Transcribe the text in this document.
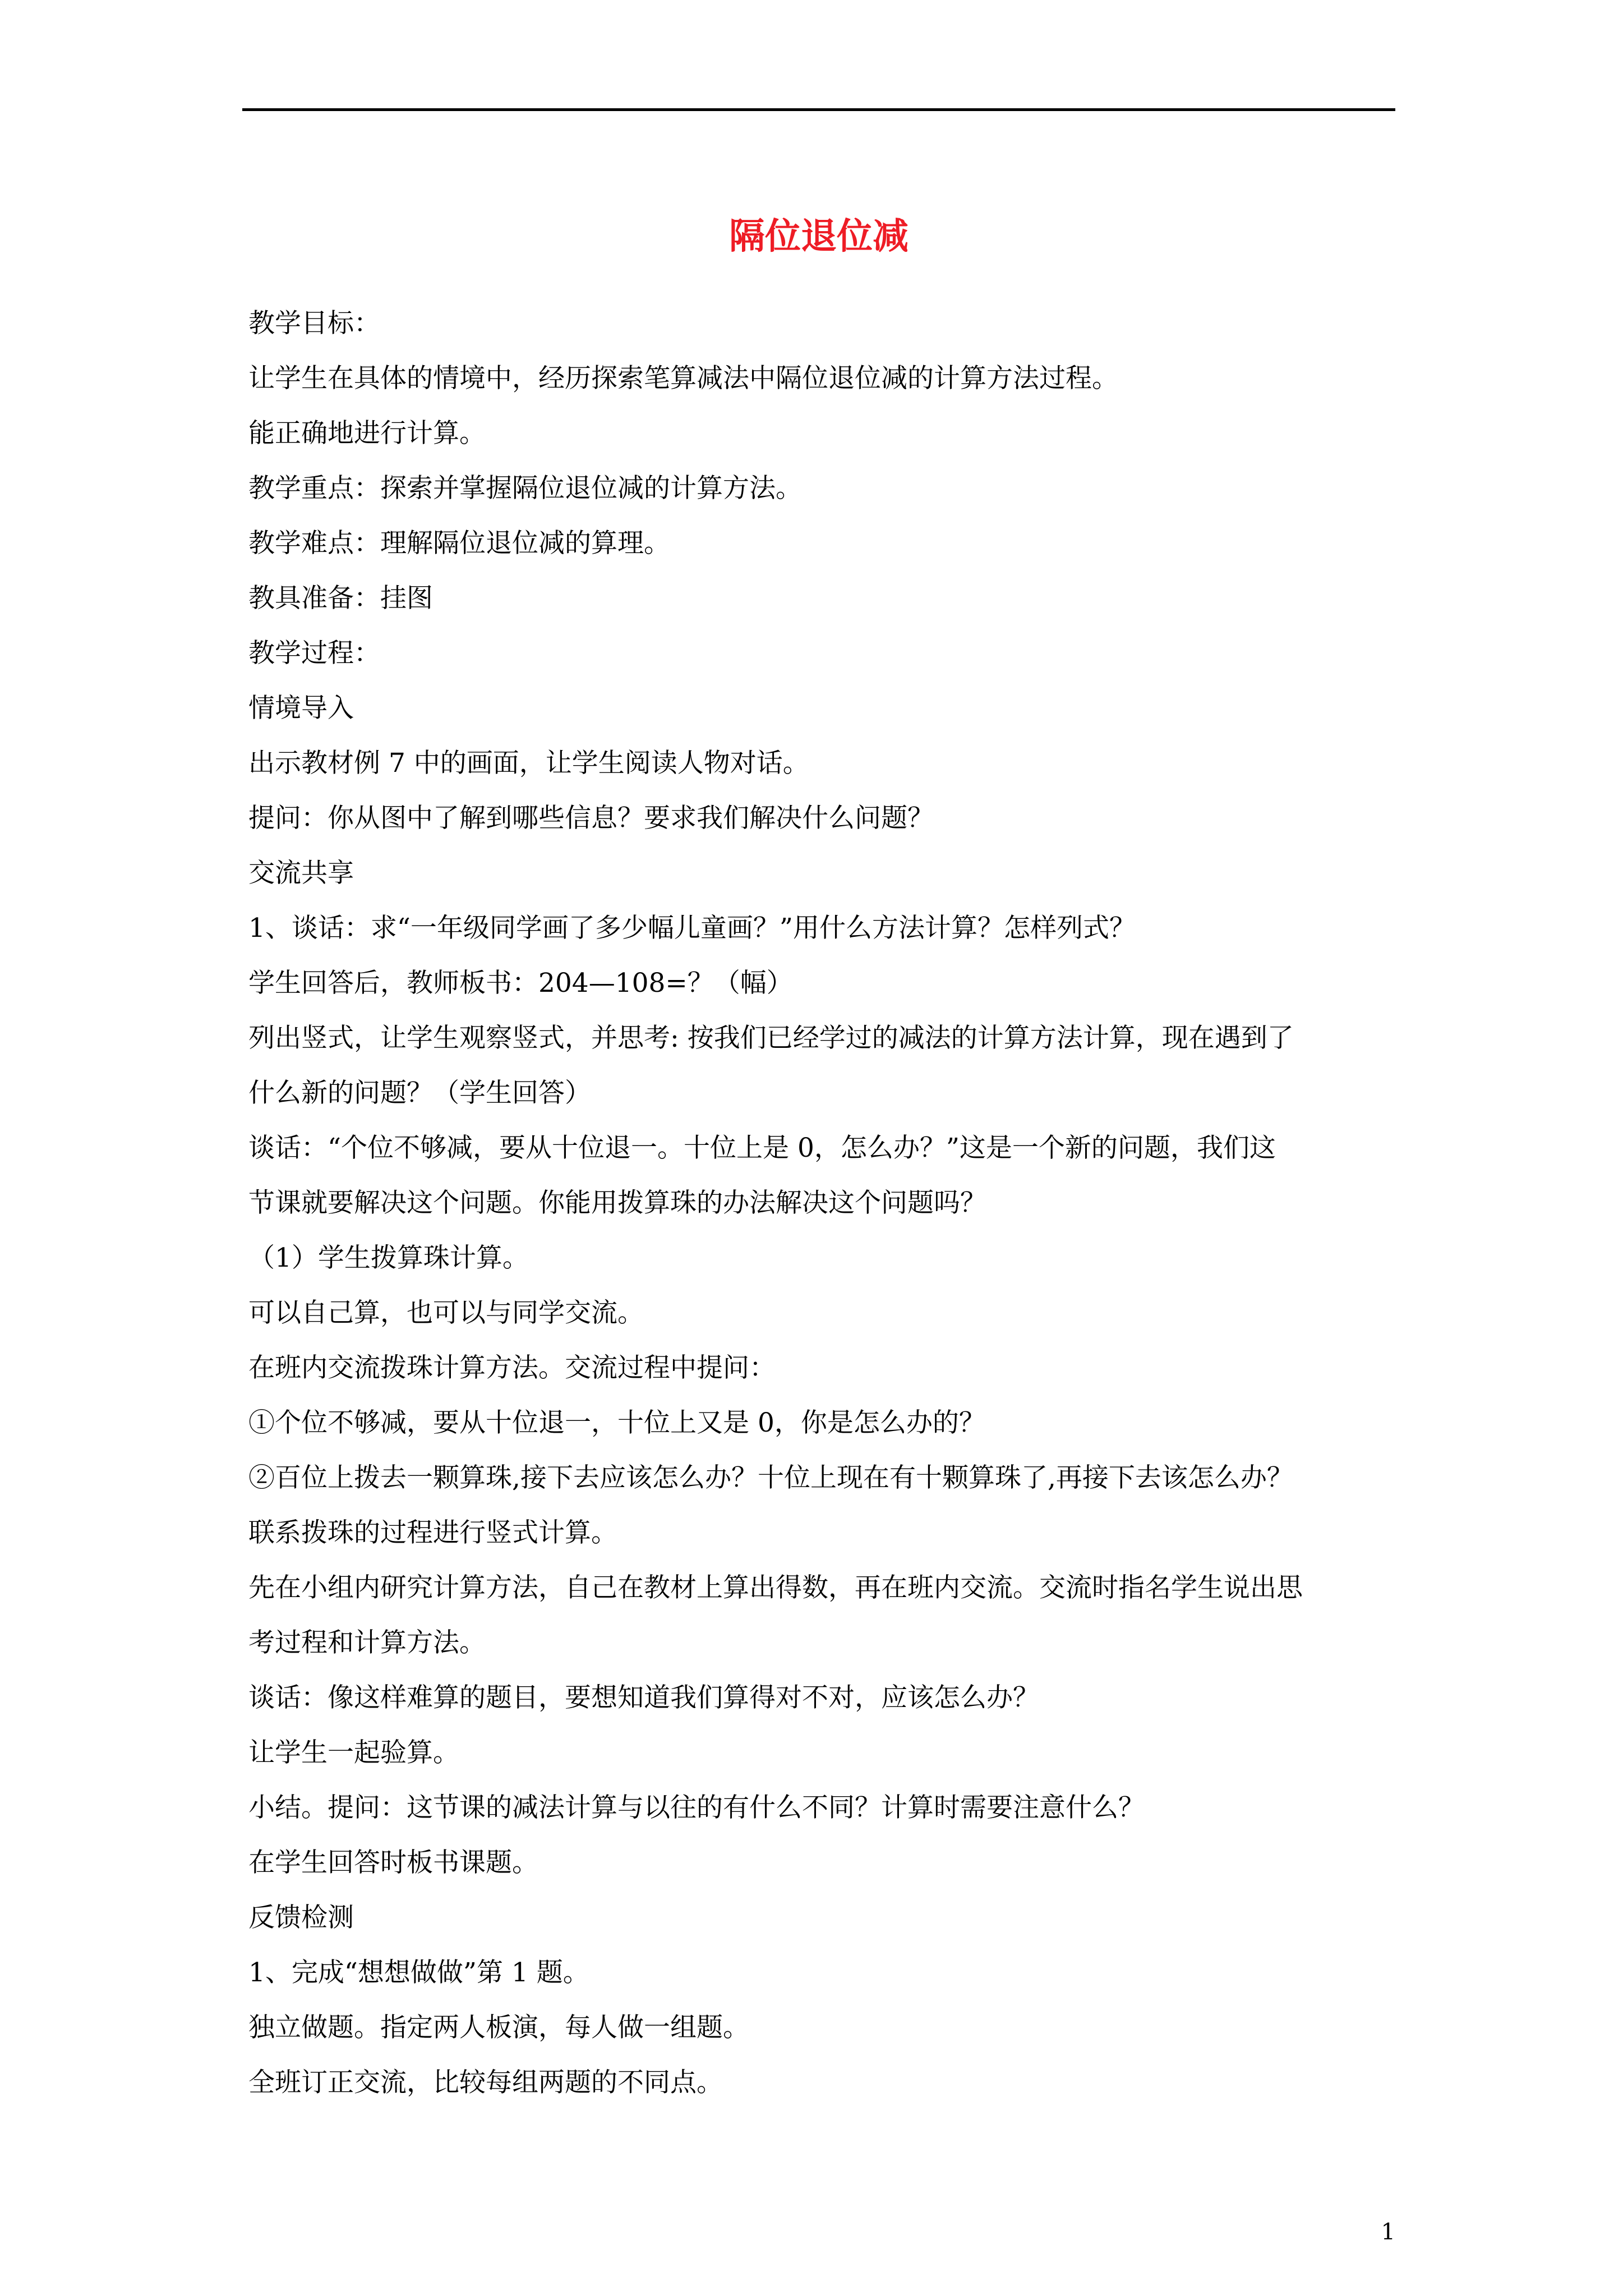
隔位退位减
教学目标：
让学生在具体的情境中，经历探索笔算减法中隔位退位减的计算方法过程。
能正确地进行计算。
教学重点：探索并掌握隔位退位减的计算方法。
教学难点：理解隔位退位减的算理。
教具准备：挂图
教学过程：
情境导入
出示教材例 7 中的画面，让学生阅读人物对话。
提问：你从图中了解到哪些信息？要求我们解决什么问题？
交流共享
1、谈话：求“一年级同学画了多少幅儿童画？”用什么方法计算？怎样列式？
学生回答后，教师板书：204—108=？（幅）
列出竖式，让学生观察竖式，并思考: 按我们已经学过的减法的计算方法计算，现在遇到了
什么新的问题？（学生回答）
谈话：“个位不够减，要从十位退一。十位上是 0，怎么办？”这是一个新的问题，我们这
节课就要解决这个问题。你能用拨算珠的办法解决这个问题吗？
（1）学生拨算珠计算。
可以自己算，也可以与同学交流。
在班内交流拨珠计算方法。交流过程中提问：
①个位不够减，要从十位退一，十位上又是 0，你是怎么办的？
②百位上拨去一颗算珠,接下去应该怎么办？十位上现在有十颗算珠了,再接下去该怎么办？
联系拨珠的过程进行竖式计算。
先在小组内研究计算方法，自己在教材上算出得数，再在班内交流。交流时指名学生说出思
考过程和计算方法。
谈话：像这样难算的题目，要想知道我们算得对不对，应该怎么办？
让学生一起验算。
小结。提问：这节课的减法计算与以往的有什么不同？计算时需要注意什么？
在学生回答时板书课题。
反馈检测
1、完成“想想做做”第 1 题。
独立做题。指定两人板演，每人做一组题。
全班订正交流，比较每组两题的不同点。
1
